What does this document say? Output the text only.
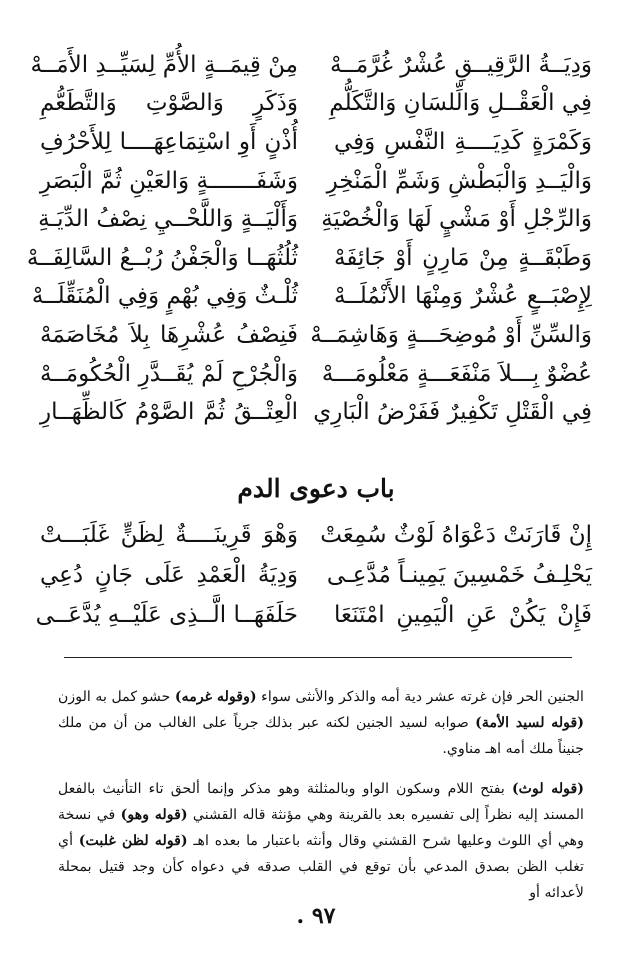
وَدِيَــةُ الرَّقِيــقِ عُشْرٌ غُرَّمَــهْ
مِنْ قِيمَــةٍ الأُمِّ لِسَيِّــدِ الأَمَــهْ
فِي الْعَقْــلِ وَالِّلسَانِ وَالتَّكَلُّمِ
وَذَكَرٍ وَالصَّوْتِ وَالتَّطَعُّمِ
وَكَمْرَةٍ كَدِيَــــةِ النَّفْسِ وَفِي
أُذْنٍ أَوِ اسْتِمَاعِهَــــا لِلأَحْرُفِ
وَالْيَــدِ وَالْبَطْشِ وَشَمِّ الْمَنْخِرِ
وَشَفَـــــــةٍ وَالعَيْنِ ثُمَّ الْبَصَرِ
وَالرِّجْلِ أَوْ مَشْيٍ لَهَا وَالْخُصْيَةِ
وَأَلْيَــةٍ وَاللَّحْــيِ نِصْفُ الدِّيَـةِ
وَطَبْقَــةٍ مِنْ مَارِنٍ أَوْ جَائِفَهْ
ثُلُثُهَــا وَالْجَفْنُ رُبْــعُ السَّالِفَــهْ
لِإِصْبَــعٍ عُشْرٌ وَمِنْهَا الأَنْمُلَــهْ
ثُلْـثٌ وَفِي بُهْمٍ وَفِي الْمُنَقِّلَــهْ
وَالسِّنِّ أَوْ مُوضِحَـــةٍ وَهَاشِمَــهْ
فَنِصْفُ عُشْرِهَا بِلاَ مُخَاصَمَهْ
عُضْوٌ بِـــلاَ مَنْفَعَـــةٍ مَعْلُومَـــهْ
وَالْجُرْحِ لَمْ يُقَــدَّرِ الْحُكُومَــهْ
فِي الْقَتْلِ تَكْفِيرٌ فَفَرْضُ الْبَارِي
الْعِتْــقُ ثُمَّ الصَّوْمُ كَالظِّهَــارِ
باب دعوى الدم
إِنْ قَارَنَتْ دَعْوَاهُ لَوْثٌ سُمِعَتْ
وَهْوَ قَرِينَــــةٌ لِظَنٍّ غَلَبَـــتْ
يَحْلِـفُ خَمْسِينَ يَمِينـاً مُدَّعِـى
وَدِيَةُ الْعَمْدِ عَلَى جَانٍ دُعِي
فَإِنْ يَكُنْ عَنِ الْيَمِينِ امْتَنَعَا
حَلَفَهَــا الَّــذِى عَلَيْــهِ يُدَّعَــى

الجنين الحر فإن غرته عشر دية أمه والذكر والأنثى سواء (وقوله غرمه) حشو كمل به الوزن (قوله لسيد الأمة) صوابه لسيد الجنين لكنه عبر بذلك جرياً على الغالب من أن من ملك جنيناً ملك أمه اهـ مناوي.

(قوله لوث) بفتح اللام وسكون الواو وبالمثلثة وهو مذكر وإنما ألحق تاء التأنيث بالفعل المسند إليه نظراً إلى تفسيره بعد بالقرينة وهي مؤنثة قاله القشني (قوله وهو) في نسخة وهي أي اللوث وعليها شرح القشني وقال وأنثه باعتبار ما بعده اهـ (قوله لظن غلبت) أي تغلب الظن بصدق المدعي بأن توقع في القلب صدقه في دعواه كأن وجد قتيل بمحلة لأعدائه أو

٩٧ .
